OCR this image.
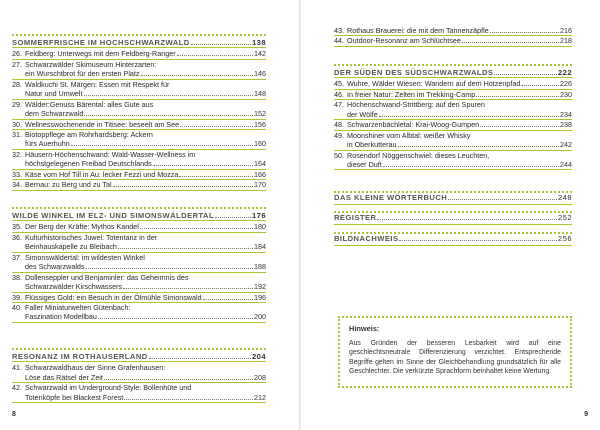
SOMMERFRISCHE IM HOCHSCHWARZWALD	138
26. Feldberg: Unterwegs mit dem Feldberg-Ranger	142
27. Schwarzwälder Skimuseum Hinterzarten:
ein Wurschtbrot für den ersten Platz	146
28. Waldkuchi St. Märgen: Essen mit Respekt für
Natur und Umwelt	148
29. Wälder:Genuss Bärental: alles Gute aus
dem Schwarzwald	152
30. Wellnesswochenende in Titisee: beseelt am See	156
31. Biotoppflege am Rohrhardsberg: Ackern
fürs Auerhuhn	160
32. Häusern-Höchenschwand: Wald-Wasser-Wellness im
höchstgelegenen Freibad Deutschlands	164
33. Käse vom Hof Till in Au: lecker Fezzi und Mozza	166
34. Bernau: zu Berg und zu Tal	170
WILDE WINKEL IM ELZ- UND SIMONSWÄLDERTAL	176
35. Der Berg der Kräfte: Mythos Kandel	180
36. Kulturhistorisches Juwel: Totentanz in der
Beinhauskapelle zu Bleibach	184
37. Simonswäldertal: im wildesten Winkel
des Schwarzwalds	188
38. Dollenseppler und Benjaminler: das Geheimnis des
Schwarzwälder Kirschwassers	192
39. Flüssiges Gold: ein Besuch in der Ölmühle Simonswald	196
40. Faller Miniaturwelten Gütenbach:
Faszination Modellbau	200
RESONANZ IM ROTHAUSERLAND	204
41. Schwarzwaldhaus der Sinne Grafenhausen:
Löse das Rätsel der Zeit	208
42. Schwarzwald im Underground-Style: Bollenhüte und
Totenköpfe bei Blackest Forest	212
8
43. Rothaus Brauerei: die mit dem Tannenzäpfle	216
44. Outdoor-Resonanz am Schlüchtsee	218
DER SÜDEN DES SÜDSCHWARZWALDS	222
45. Wuhre, Wälder Wiesen: Wandern auf dem Hotzenpfad	226
46. In freier Natur: Zelten im Trekking-Camp	230
47. Höchenschwand-Strittberg: auf den Spuren
der Wölfe	234
48. Schwarzenbächletal: Krai-Woog-Gumpen	238
49. Moonshiner vom Albtal: weißer Whisky
in Oberkutterau	242
50. Rosendorf Nöggenschwiel: dieses Leuchten,
dieser Duft	244
DAS KLEINE WÖRTERBUCH	248
REGISTER	252
BILDNACHWEIS	256
9
Hinweis:
Aus Gründen der besseren Lesbarkeit wird auf eine geschlechtsneutrale Differenzierung verzichtet. Entsprechende Begriffe gelten im Sinne der Gleichbehandlung grundsätzlich für alle Geschlechter. Die verkürzte Sprachform beinhaltet keine Wertung.
